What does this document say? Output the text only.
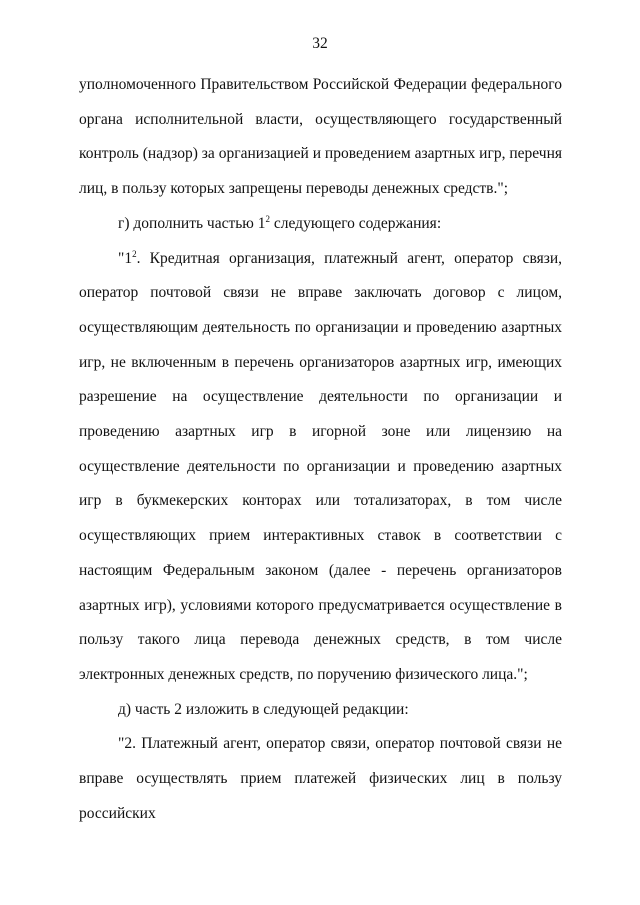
32

уполномоченного Правительством Российской Федерации федерального органа исполнительной власти, осуществляющего государственный контроль (надзор) за организацией и проведением азартных игр, перечня лиц, в пользу которых запрещены переводы денежных средств.";

г) дополнить частью $1^2$ следующего содержания:

"$1^2$. Кредитная организация, платежный агент, оператор связи, оператор почтовой связи не вправе заключать договор с лицом, осуществляющим деятельность по организации и проведению азартных игр, не включенным в перечень организаторов азартных игр, имеющих разрешение на осуществление деятельности по организации и проведению азартных игр в игорной зоне или лицензию на осуществление деятельности по организации и проведению азартных игр в букмекерских конторах или тотализаторах, в том числе осуществляющих прием интерактивных ставок в соответствии с настоящим Федеральным законом (далее - перечень организаторов азартных игр), условиями которого предусматривается осуществление в пользу такого лица перевода денежных средств, в том числе электронных денежных средств, по поручению физического лица.";

д) часть 2 изложить в следующей редакции:

"2. Платежный агент, оператор связи, оператор почтовой связи не вправе осуществлять прием платежей физических лиц в пользу российских
